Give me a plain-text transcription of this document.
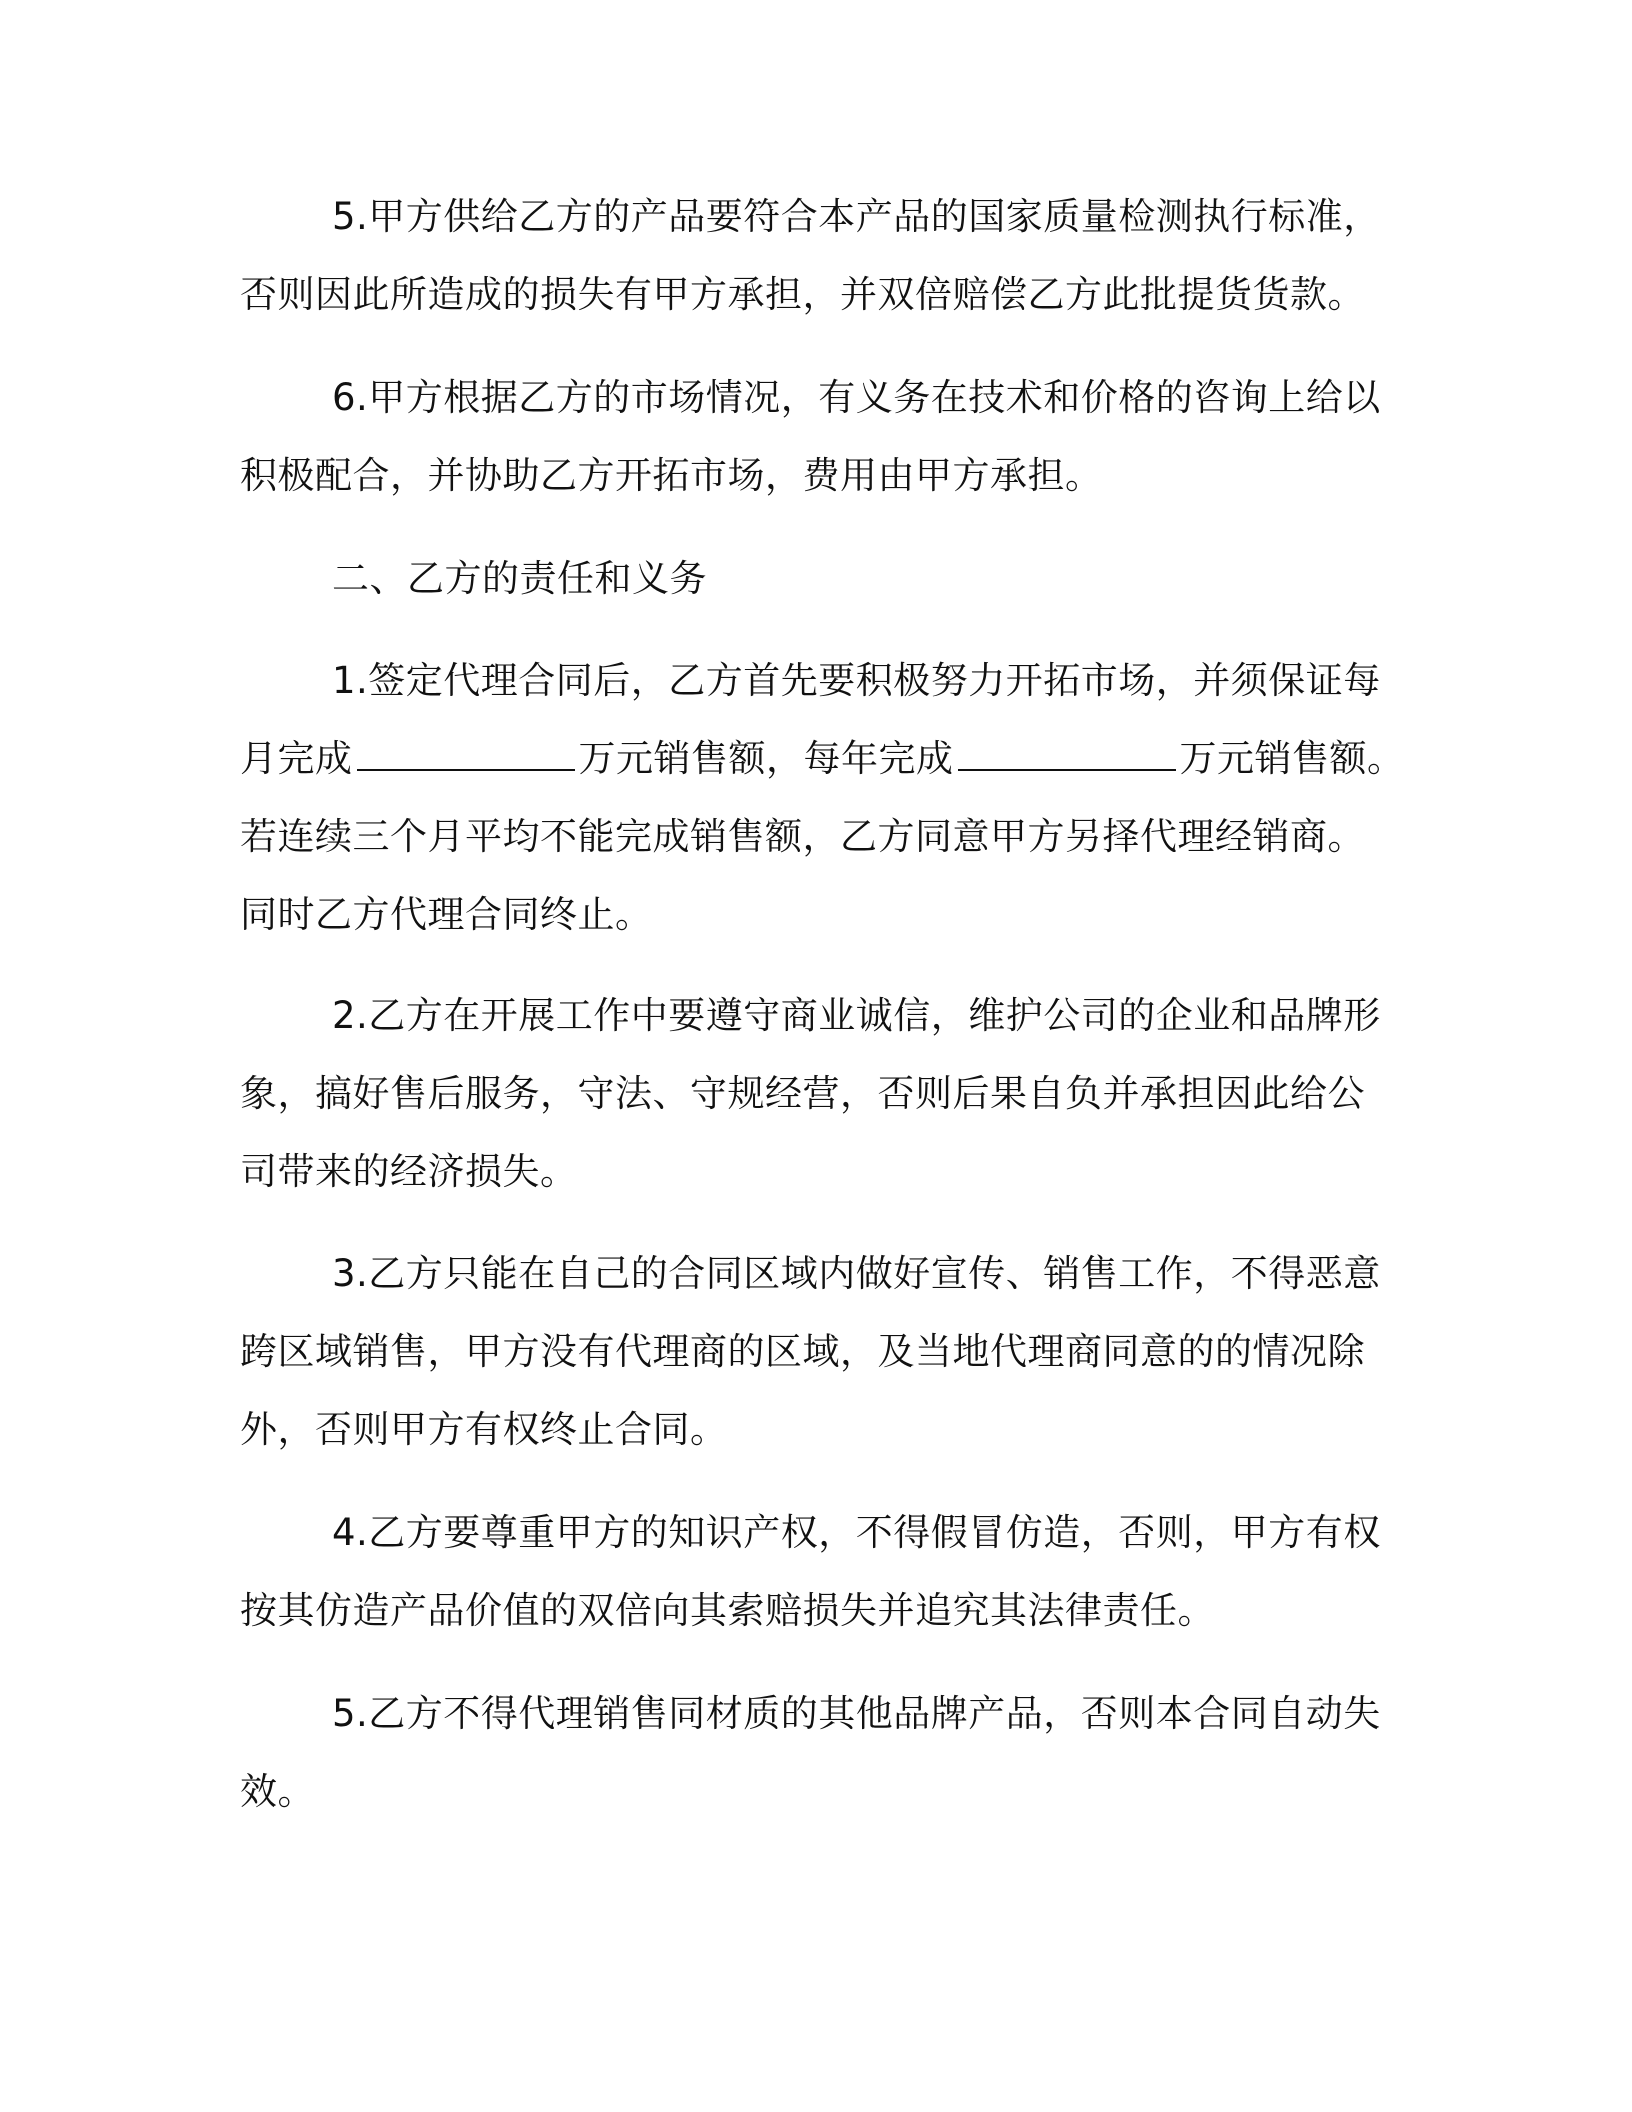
5.甲方供给乙方的产品要符合本产品的国家质量检测执行标准，
否则因此所造成的损失有甲方承担，并双倍赔偿乙方此批提货货款。
6.甲方根据乙方的市场情况，有义务在技术和价格的咨询上给以
积极配合，并协助乙方开拓市场，费用由甲方承担。
二、乙方的责任和义务
1.签定代理合同后，乙方首先要积极努力开拓市场，并须保证每
月完成	万元销售额，每年完成	万元销售额。
若连续三个月平均不能完成销售额，乙方同意甲方另择代理经销商。
同时乙方代理合同终止。
2.乙方在开展工作中要遵守商业诚信，维护公司的企业和品牌形
象，搞好售后服务，守法、守规经营，否则后果自负并承担因此给公
司带来的经济损失。
3.乙方只能在自己的合同区域内做好宣传、销售工作，不得恶意
跨区域销售，甲方没有代理商的区域，及当地代理商同意的的情况除
外，否则甲方有权终止合同。
4.乙方要尊重甲方的知识产权，不得假冒仿造，否则，甲方有权
按其仿造产品价值的双倍向其索赔损失并追究其法律责任。
5.乙方不得代理销售同材质的其他品牌产品，否则本合同自动失
效。
